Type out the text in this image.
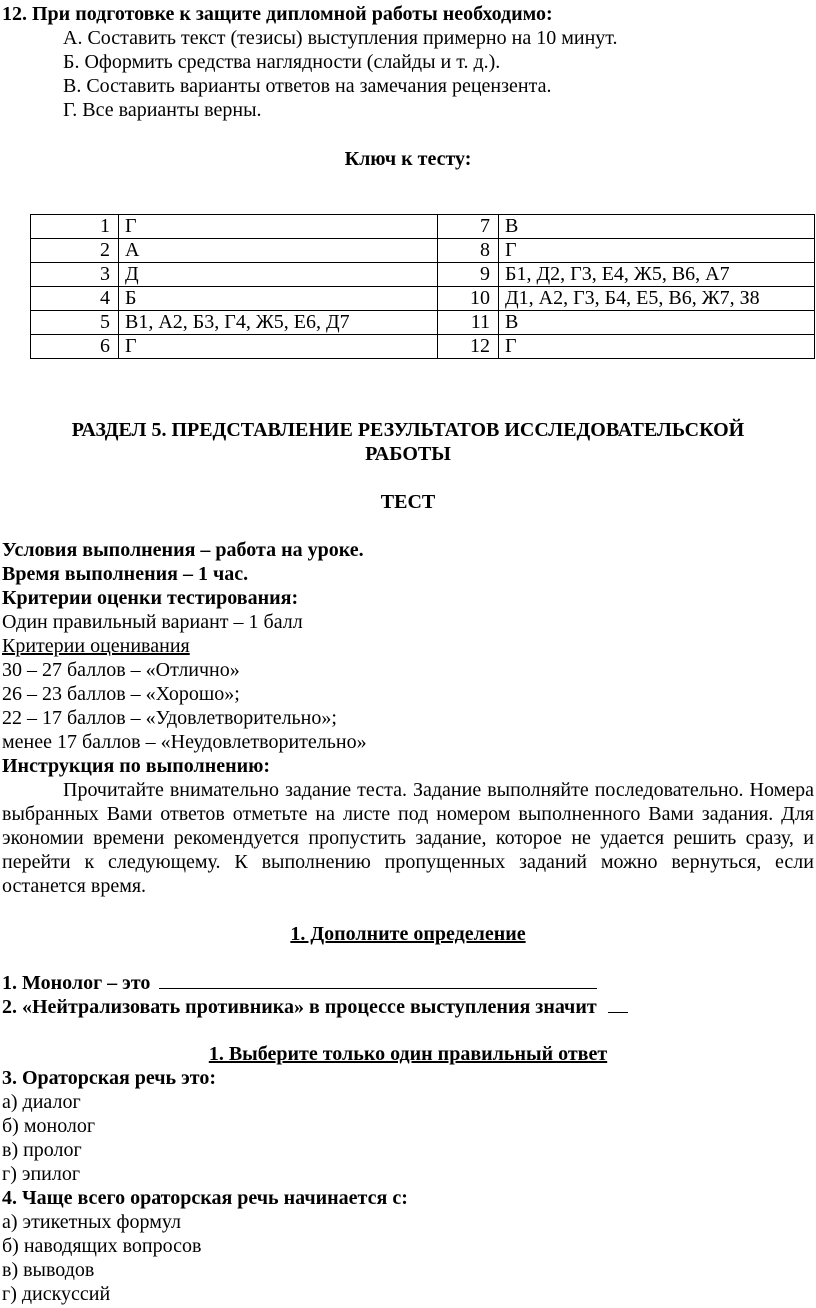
12. При подготовке к защите дипломной работы необходимо:
А. Составить текст (тезисы) выступления примерно на 10 минут.
Б. Оформить средства наглядности (слайды и т. д.).
В. Составить варианты ответов на замечания рецензента.
Г. Все варианты верны.
Ключ к тесту:
1	Г	7	В
2	А	8	Г
3	Д	9	Б1, Д2, Г3, Е4, Ж5, В6, А7
4	Б	10	Д1, А2, Г3, Б4, Е5, В6, Ж7, З8
5	В1, А2, Б3, Г4, Ж5, Е6, Д7	11	В
6	Г	12	Г
РАЗДЕЛ 5. ПРЕДСТАВЛЕНИЕ РЕЗУЛЬТАТОВ ИССЛЕДОВАТЕЛЬСКОЙ
РАБОТЫ
ТЕСТ
Условия выполнения – работа на уроке.
Время выполнения – 1 час.
Критерии оценки тестирования:
Один правильный вариант – 1 балл
Критерии оценивания
30 – 27 баллов – «Отлично»
26 – 23 баллов – «Хорошо»;
22 – 17 баллов – «Удовлетворительно»;
менее 17 баллов – «Неудовлетворительно»
Инструкция по выполнению:
Прочитайте внимательно задание теста. Задание выполняйте последовательно. Номера выбранных Вами ответов отметьте на листе под номером выполненного Вами задания. Для экономии времени рекомендуется пропустить задание, которое не удается решить сразу, и перейти к следующему. К выполнению пропущенных заданий можно вернуться, если останется время.
1. Дополните определение
1. Монолог – это
2. «Нейтрализовать противника» в процессе выступления значит
1. Выберите только один правильный ответ
3. Ораторская речь это:
а) диалог
б) монолог
в) пролог
г) эпилог
4. Чаще всего ораторская речь начинается с:
а) этикетных формул
б) наводящих вопросов
в) выводов
г) дискуссий
